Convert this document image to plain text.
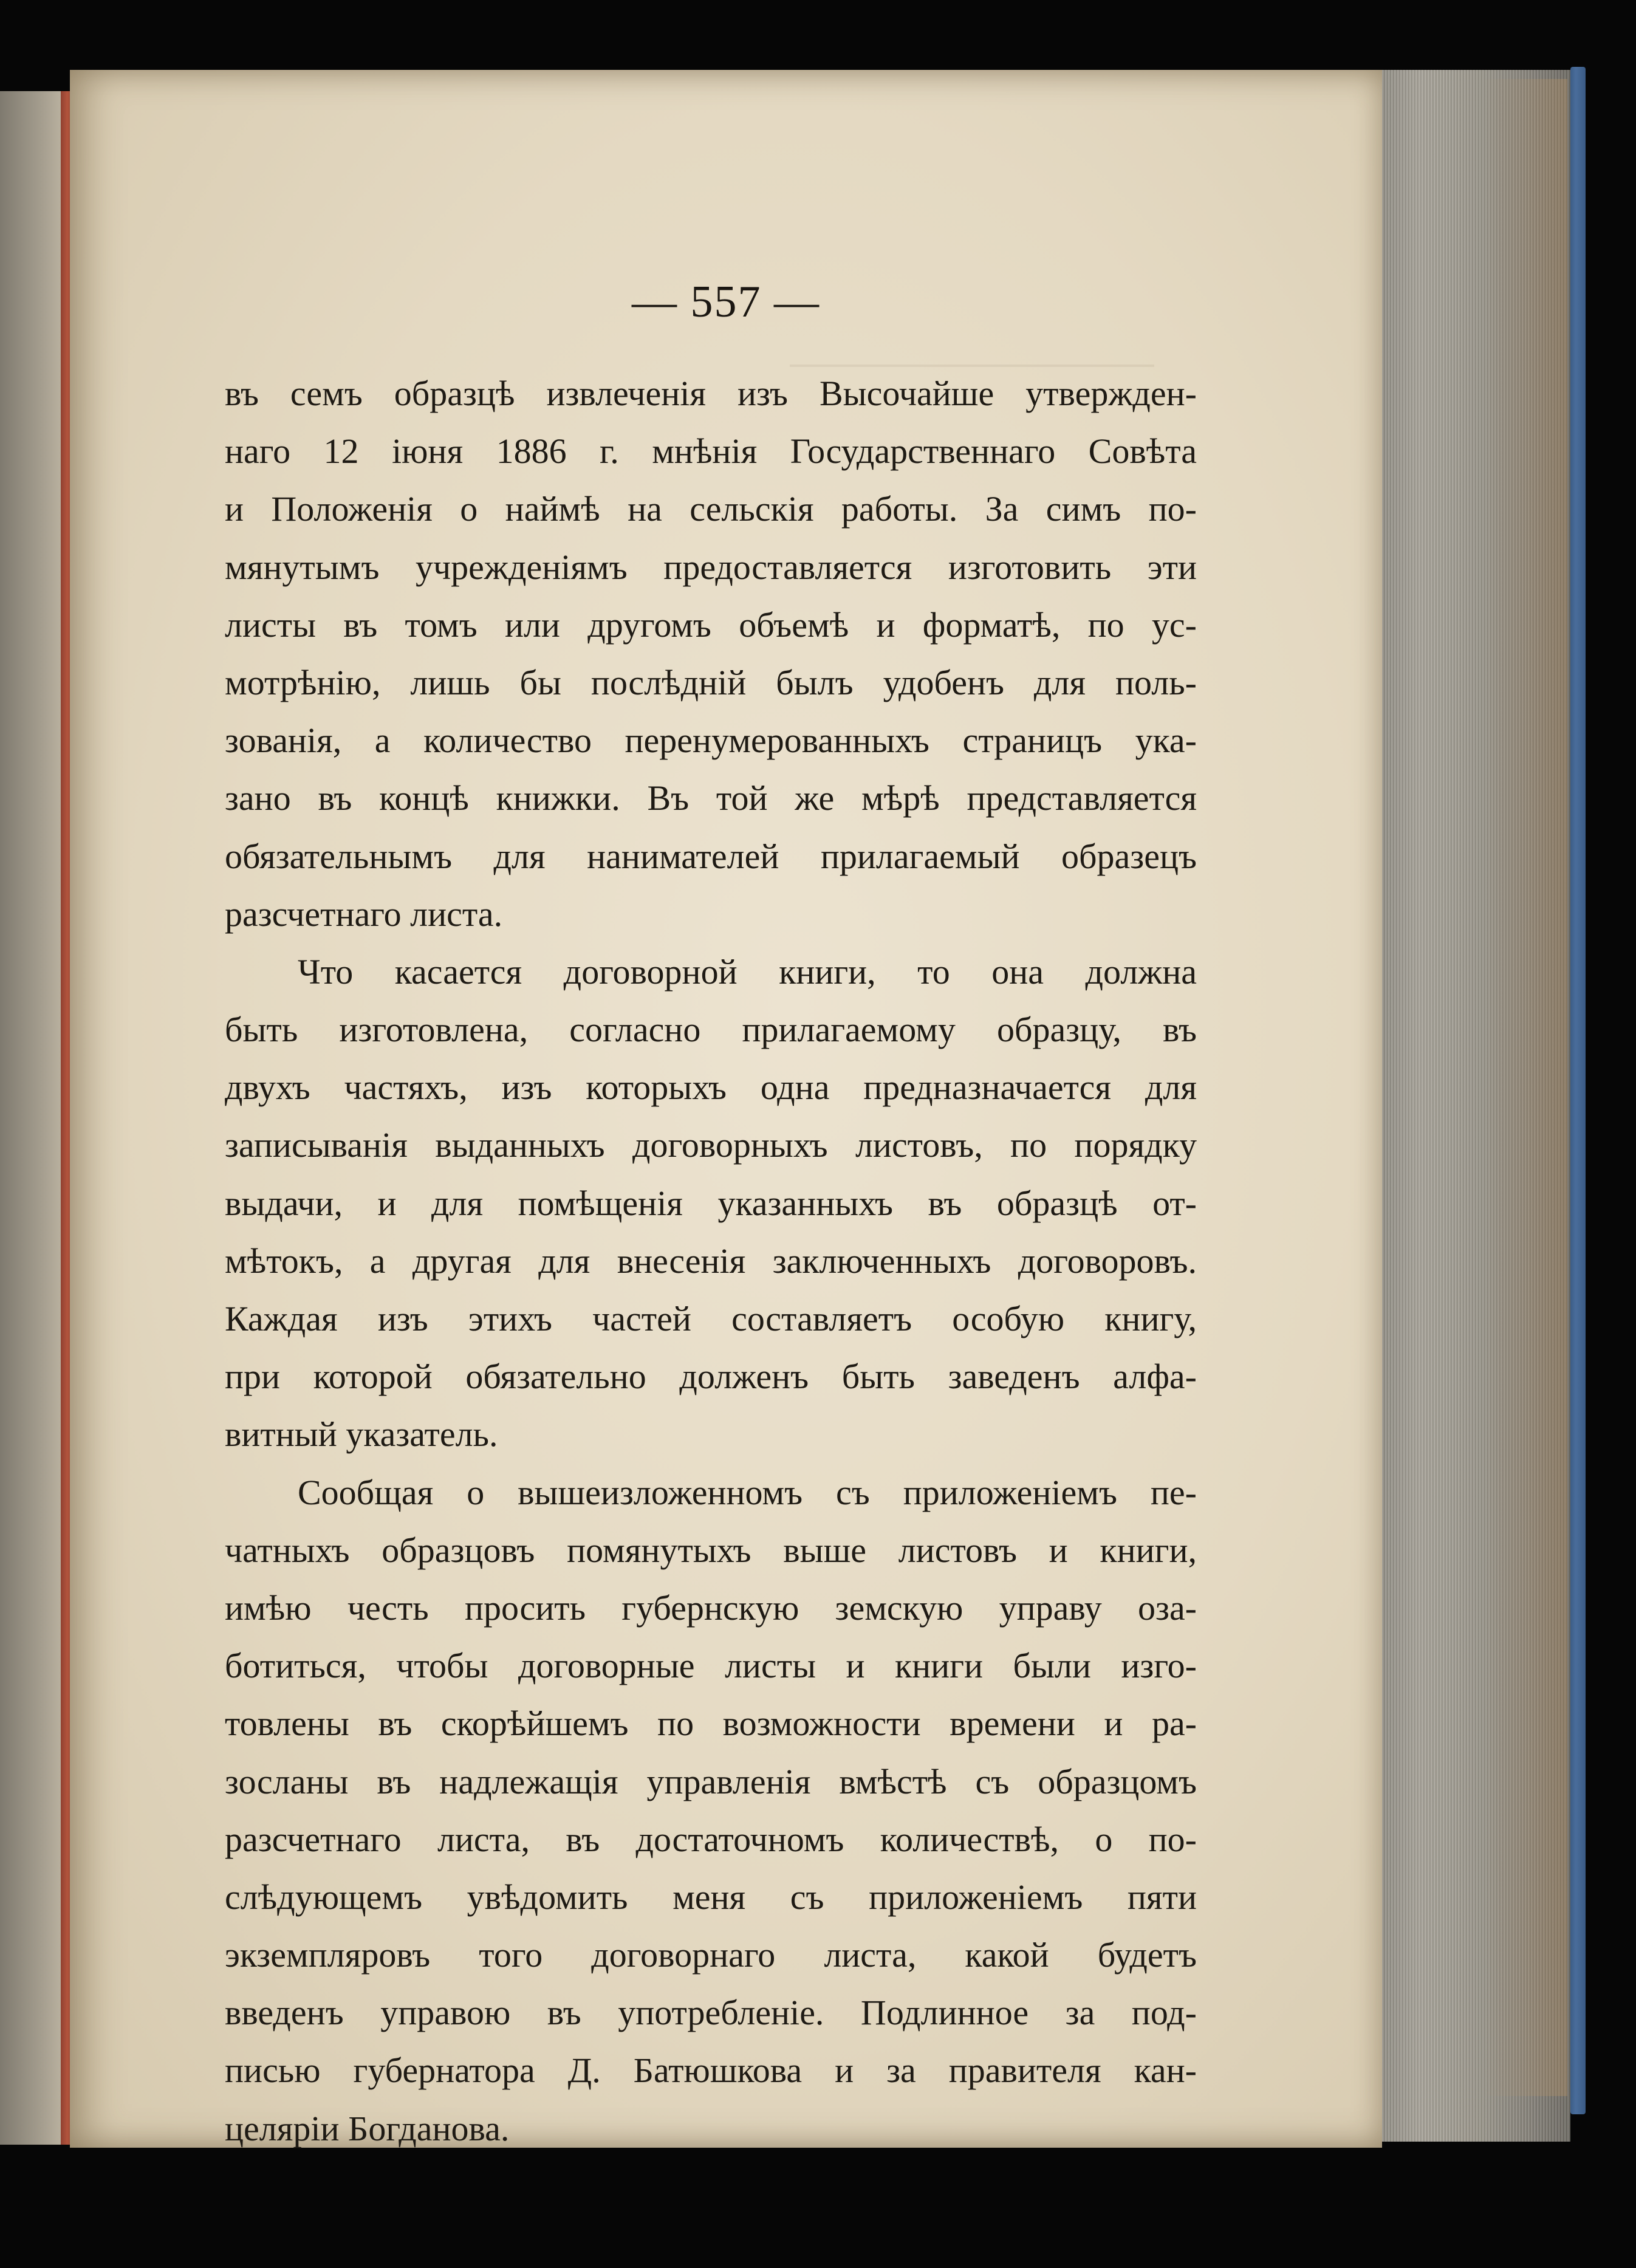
— 557 —
въ семъ образцѣ извлеченія изъ Высочайше утвержден-
наго 12 іюня 1886 г. мнѣнія Государственнаго Совѣта
и Положенія о наймѣ на сельскія работы. За симъ по-
мянутымъ учрежденіямъ предоставляется изготовить эти
листы въ томъ или другомъ объемѣ и форматѣ, по ус-
мотрѣнію, лишь бы послѣдній былъ удобенъ для поль-
зованія, а количество перенумерованныхъ страницъ ука-
зано въ концѣ книжки. Въ той же мѣрѣ представляется
обязательнымъ для нанимателей прилагаемый образецъ
разсчетнаго листа.
Что касается договорной книги, то она должна
быть изготовлена, согласно прилагаемому образцу, въ
двухъ частяхъ, изъ которыхъ одна предназначается для
записыванія выданныхъ договорныхъ листовъ, по порядку
выдачи, и для помѣщенія указанныхъ въ образцѣ от-
мѣтокъ, а другая для внесенія заключенныхъ договоровъ.
Каждая изъ этихъ частей составляетъ особую книгу,
при которой обязательно долженъ быть заведенъ алфа-
витный указатель.
Сообщая о вышеизложенномъ съ приложеніемъ пе-
чатныхъ образцовъ помянутыхъ выше листовъ и книги,
имѣю честь просить губернскую земскую управу оза-
ботиться, чтобы договорные листы и книги были изго-
товлены въ скорѣйшемъ по возможности времени и ра-
зосланы въ надлежащія управленія вмѣстѣ съ образцомъ
разсчетнаго листа, въ достаточномъ количествѣ, о по-
слѣдующемъ увѣдомить меня съ приложеніемъ пяти
экземпляровъ того договорнаго листа, какой будетъ
введенъ управою въ употребленіе. Подлинное за под-
писью губернатора Д. Батюшкова и за правителя кан-
целяріи Богданова.
